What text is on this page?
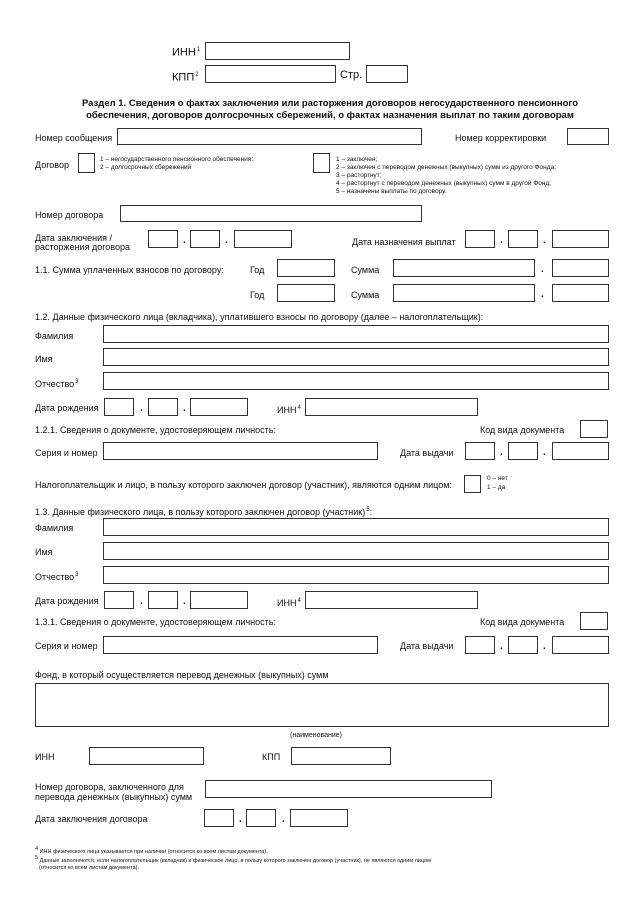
ИНН$^1$
КПП$^2$	Стр.
Раздел 1. Сведения о фактах заключения или расторжения договоров негосударственного пенсионного
обеспечения, договоров долгосрочных сбережений, о фактах назначения выплат по таким договорам
Номер сообщения	Номер корректировки
Договор
1 – негосударственного пенсионного обеспечения;
2 – долгосрочных сбережений
1 – заключен;
2 – заключен с переводом денежных (выкупных) сумм из другого Фонда;
3 – расторгнут;
4 – расторгнут с переводом денежных (выкупных) сумм в другой Фонд;
5 – назначены выплаты по договору.
Номер договора
Дата заключения /
расторжения договора
.	.	Дата назначения выплат	.	.
1.1. Сумма уплаченных взносов по договору:	Год	Сумма	.
Год	Сумма	.
1.2. Данные физического лица (вкладчика), уплатившего взносы по договору (далее – налогоплательщик):
Фамилия
Имя
Отчество$^3$
Дата рождения	.	.	ИНН$^4$
1.2.1. Сведения о документе, удостоверяющем личность:	Код вида документа
Серия и номер	Дата выдачи	.	.
Налогоплательщик и лицо, в пользу которого заключен договор (участник), являются одним лицом:
0 – нет
1 – да
1.3. Данные физического лица, в пользу которого заключен договор (участник)$^5$:
Фамилия
Имя
Отчество$^3$
Дата рождения	.	.	ИНН$^4$
1.3.1. Сведения о документе, удостоверяющем личность:	Код вида документа
Серия и номер	Дата выдачи	.	.
Фонд, в который осуществляется перевод денежных (выкупных) сумм
(наименование)
ИНН	КПП
Номер договора, заключенного для
перевода денежных (выкупных) сумм
Дата заключения договора	.	.
4 ИНН физического лица указывается при наличии (относится ко всем листам документа).
5 Данные заполняются, если налогоплательщик (вкладчик) и физическое лицо, в пользу которого заключен договор (участник), не являются одним лицом
(относится ко всем листам документа).
